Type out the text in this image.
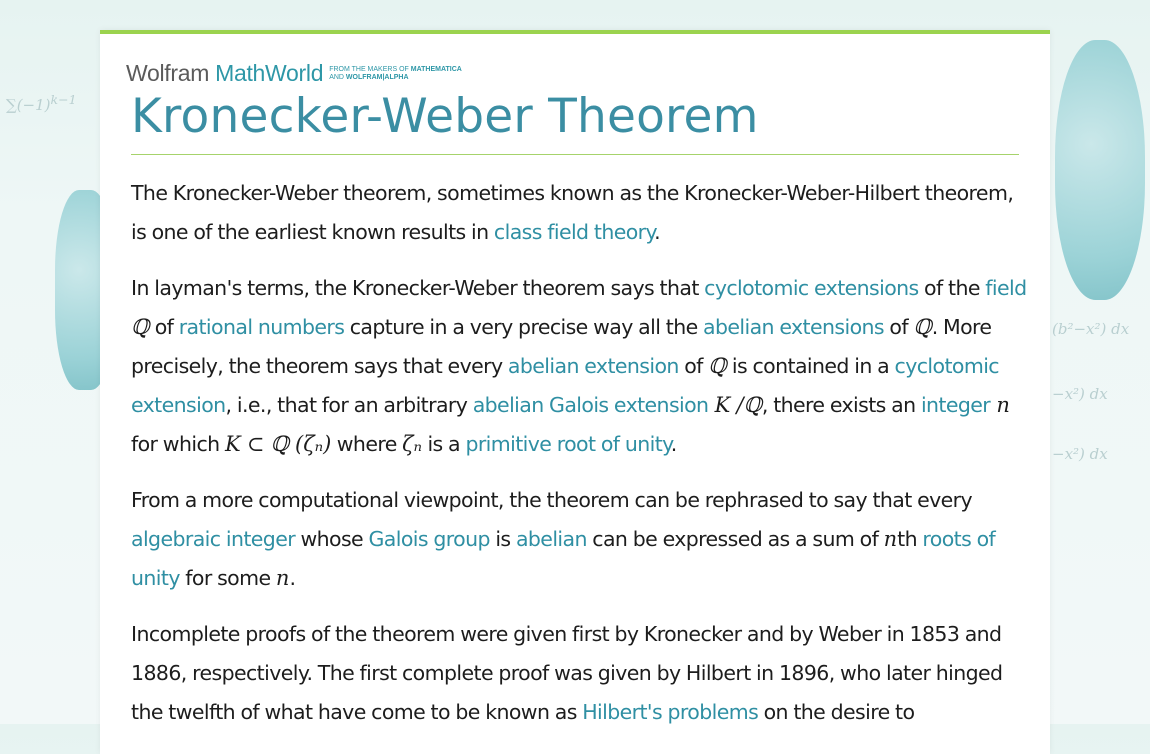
$\sum(-1)^{k-1}$
(b²−x²) dx
−x²) dx
−x²) dx
Wolfram MathWorld FROM THE MAKERS OF MATHEMATICA
AND WOLFRAM|ALPHA
Kronecker-Weber Theorem

The Kronecker-Weber theorem, sometimes known as the Kronecker-Weber-Hilbert theorem, is one of the earliest known results in class field theory.

In layman's terms, the Kronecker-Weber theorem says that cyclotomic extensions of the field ℚ of rational numbers capture in a very precise way all the abelian extensions of ℚ. More precisely, the theorem says that every abelian extension of ℚ is contained in a cyclotomic extension, i.e., that for an arbitrary abelian Galois extension K /ℚ, there exists an integer n for which K ⊂ ℚ (ζₙ) where ζₙ is a primitive root of unity.

From a more computational viewpoint, the theorem can be rephrased to say that every algebraic integer whose Galois group is abelian can be expressed as a sum of nth roots of unity for some n.

Incomplete proofs of the theorem were given first by Kronecker and by Weber in 1853 and 1886, respectively. The first complete proof was given by Hilbert in 1896, who later hinged the twelfth of what have come to be known as Hilbert's problems on the desire to
